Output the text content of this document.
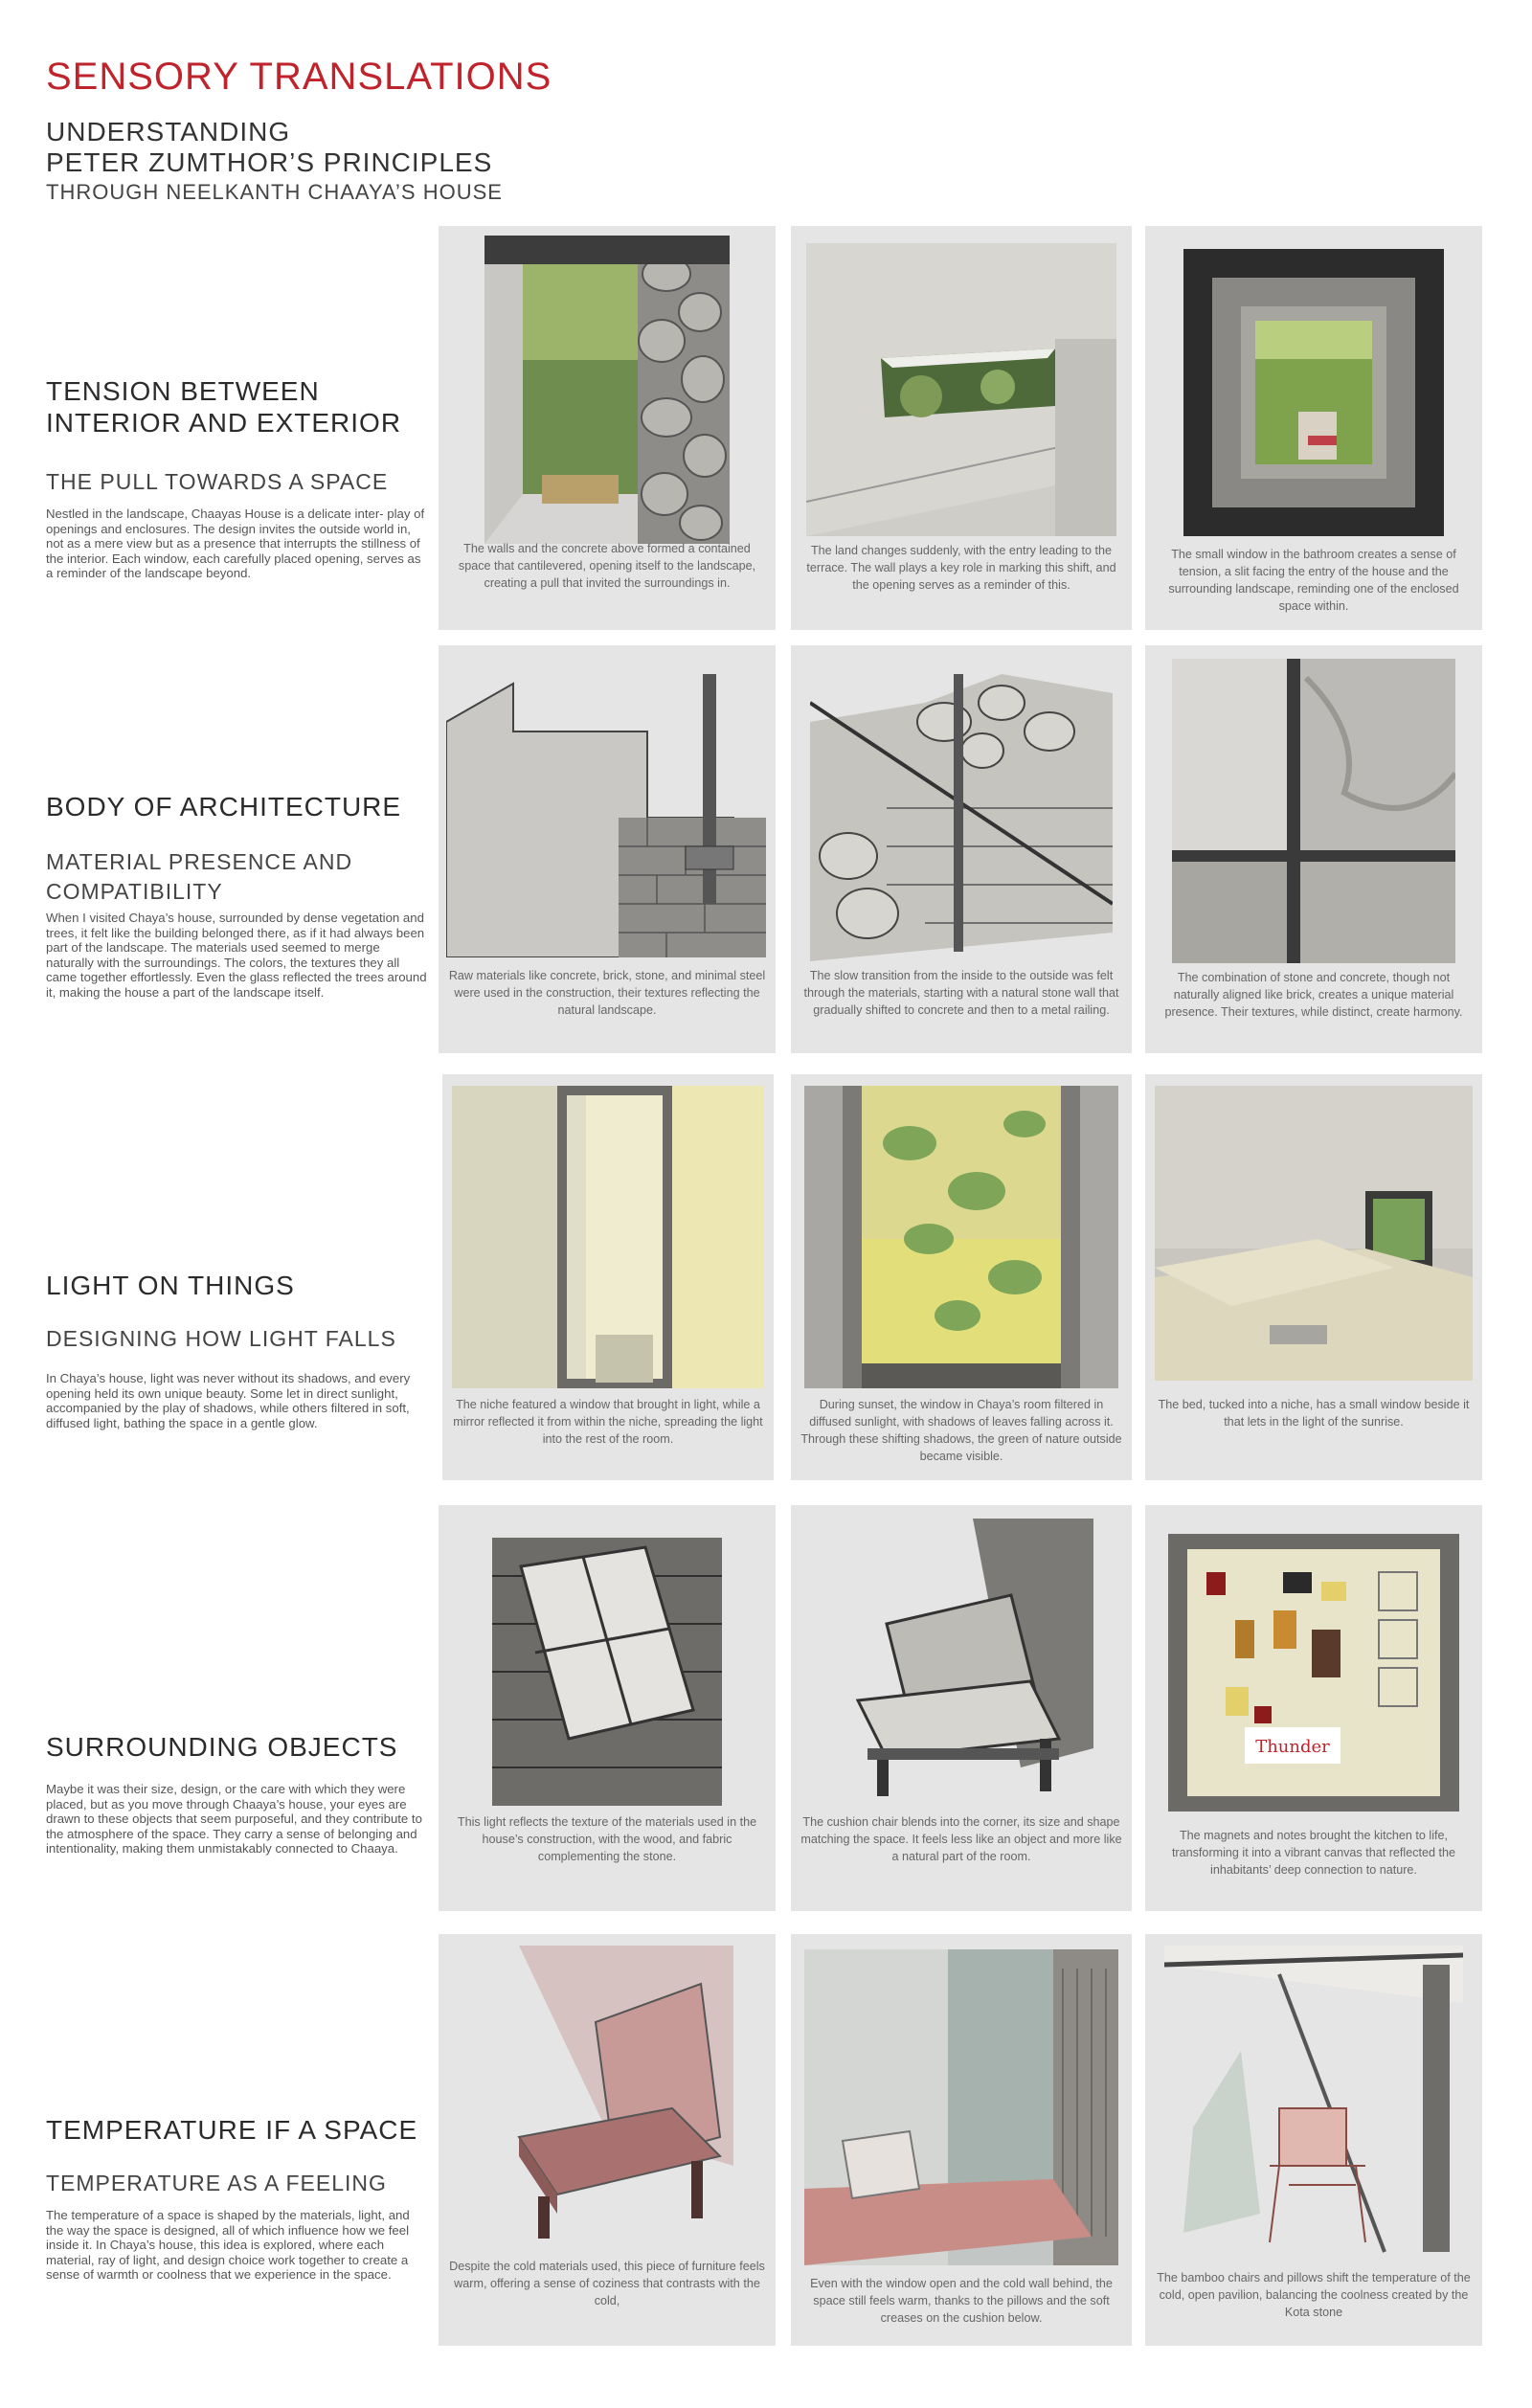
SENSORY TRANSLATIONS
UNDERSTANDING
PETER ZUMTHOR’S PRINCIPLES
THROUGH NEELKANTH CHAAYA’S HOUSE
TENSION BETWEEN INTERIOR AND EXTERIOR
THE PULL TOWARDS A SPACE
Nestled in the landscape, Chaayas House is a delicate inter- play of openings and enclosures. The design invites the outside world in, not as a mere view but as a presence that interrupts the stillness of the interior. Each window, each carefully placed opening, serves as a reminder of the landscape beyond.
BODY OF ARCHITECTURE
MATERIAL PRESENCE AND COMPATIBILITY
When I visited Chaya’s house, surrounded by dense vegetation and trees, it felt like the building belonged there, as if it had always been part of the landscape. The materials used seemed to merge naturally with the surroundings. The colors, the textures they all came together effortlessly. Even the glass reflected the trees around it, making the house a part of the landscape itself.
LIGHT ON THINGS
DESIGNING HOW LIGHT FALLS
In Chaya’s house, light was never without its shadows, and every opening held its own unique beauty. Some let in direct sunlight, accompanied by the play of shadows, while others filtered in soft, diffused light, bathing the space in a gentle glow.
SURROUNDING OBJECTS
Maybe it was their size, design, or the care with which they were placed, but as you move through Chaaya’s house, your eyes are drawn to these objects that seem purposeful, and they contribute to the atmosphere of the space. They carry a sense of belonging and intentionality, making them unmistakably connected to Chaaya.
TEMPERATURE IF A SPACE
TEMPERATURE AS A FEELING
The temperature of a space is shaped by the materials, light, and the way the space is designed, all of which influence how we feel inside it. In Chaya’s house, this idea is explored, where each material, ray of light, and design choice work together to create a sense of warmth or coolness that we experience in the space.
The walls and the concrete above formed a contained space that cantilevered, opening itself to the landscape, creating a pull that invited the surroundings in.
The land changes suddenly, with the entry leading to the terrace. The wall plays a key role in marking this shift, and the opening serves as a reminder of this.
The small window in the bathroom creates a sense of tension, a slit facing the entry of the house and the surrounding landscape, reminding one of the enclosed space within.
Raw materials like concrete, brick, stone, and minimal steel were used in the construction, their textures reflecting the natural landscape.
The slow transition from the inside to the outside was felt through the materials, starting with a natural stone wall that gradually shifted to concrete and then to a metal railing.
The combination of stone and concrete, though not naturally aligned like brick, creates a unique material presence. Their textures, while distinct, create harmony.
The niche featured a window that brought in light, while a mirror reflected it from within the niche, spreading the light into the rest of the room.
During sunset, the window in Chaya’s room filtered in diffused sunlight, with shadows of leaves falling across it. Through these shifting shadows, the green of nature outside became visible.
The bed, tucked into a niche, has a small window beside it that lets in the light of the sunrise.
This light reflects the texture of the materials used in the house’s construction, with the wood, and fabric complementing the stone.
The cushion chair blends into the corner, its size and shape matching the space. It feels less like an object and more like a natural part of the room.
Thunder
The magnets and notes brought the kitchen to life, transforming it into a vibrant canvas that reflected the inhabitants’ deep connection to nature.
Despite the cold materials used, this piece of furniture feels warm, offering a sense of coziness that contrasts with the cold,
Even with the window open and the cold wall behind, the space still feels warm, thanks to the pillows and the soft creases on the cushion below.
The bamboo chairs and pillows shift the temperature of the cold, open pavilion, balancing the coolness created by the Kota stone
